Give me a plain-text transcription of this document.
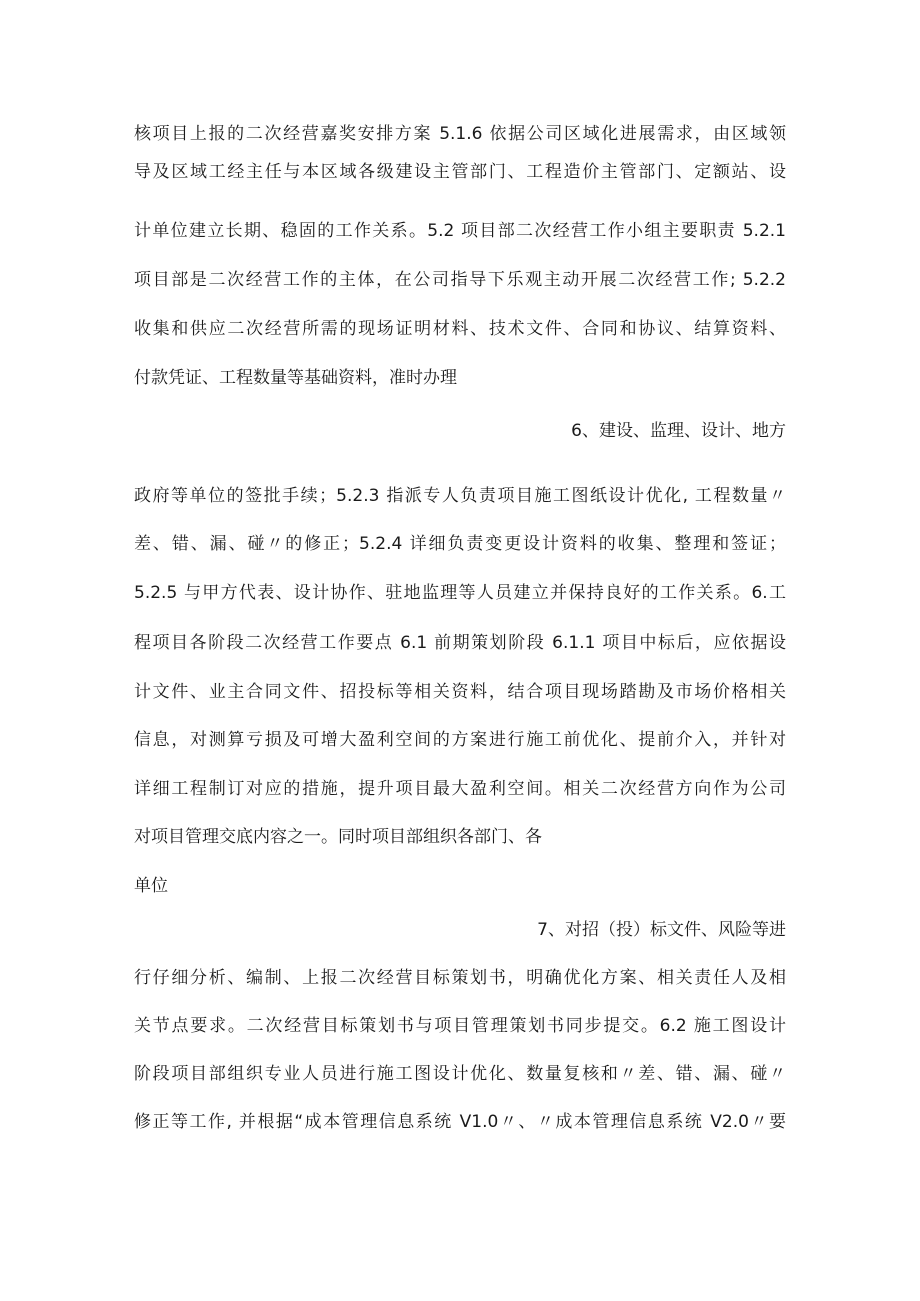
核项目上报的二次经营嘉奖安排方案 5.1.6 依据公司区域化进展需求，由区域领
导及区域工经主任与本区域各级建设主管部门、工程造价主管部门、定额站、设
计单位建立长期、稳固的工作关系。5.2 项目部二次经营工作小组主要职责 5.2.1
项目部是二次经营工作的主体，在公司指导下乐观主动开展二次经营工作; 5.2.2
收集和供应二次经营所需的现场证明材料、技术文件、合同和协议、结算资料、
付款凭证、工程数量等基础资料，准时办理
6、建设、监理、设计、地方
政府等单位的签批手续；5.2.3 指派专人负责项目施工图纸设计优化, 工程数量〃
差、错、漏、碰〃的修正；5.2.4 详细负责变更设计资料的收集、整理和签证；
5.2.5 与甲方代表、设计协作、驻地监理等人员建立并保持良好的工作关系。6.工
程项目各阶段二次经营工作要点 6.1 前期策划阶段 6.1.1 项目中标后，应依据设
计文件、业主合同文件、招投标等相关资料，结合项目现场踏勘及市场价格相关
信息，对测算亏损及可增大盈利空间的方案进行施工前优化、提前介入，并针对
详细工程制订对应的措施，提升项目最大盈利空间。相关二次经营方向作为公司
对项目管理交底内容之一。同时项目部组织各部门、各
单位
7、对招（投）标文件、风险等进
行仔细分析、编制、上报二次经营目标策划书，明确优化方案、相关责任人及相
关节点要求。二次经营目标策划书与项目管理策划书同步提交。6.2 施工图设计
阶段项目部组织专业人员进行施工图设计优化、数量复核和〃差、错、漏、碰〃
修正等工作, 并根据“成本管理信息系统 V1.0〃、〃成本管理信息系统 V2.0〃要
